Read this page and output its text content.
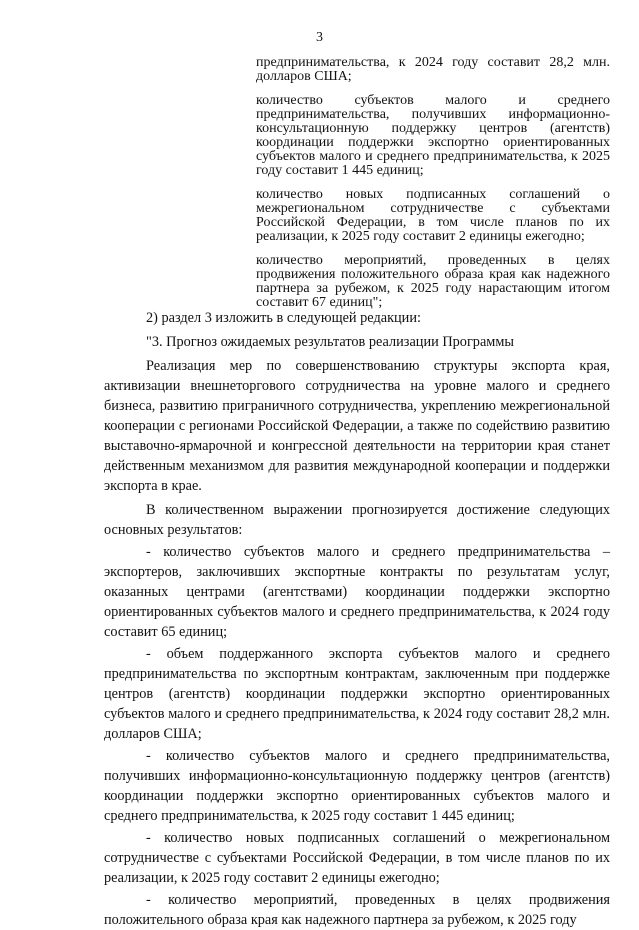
3

предпринимательства, к 2024 году составит 28,2 млн. долларов США;

количество субъектов малого и среднего предпринимательства, получивших информационно-консультационную поддержку центров (агентств) координации поддержки экспортно ориентированных субъектов малого и среднего предпринимательства, к 2025 году составит 1 445 единиц;

количество новых подписанных соглашений о межрегиональном сотрудничестве с субъектами Российской Федерации, в том числе планов по их реализации, к 2025 году составит 2 единицы ежегодно;

количество мероприятий, проведенных в целях продвижения положительного образа края как надежного партнера за рубежом, к 2025 году нарастающим итогом составит 67 единиц";

2) раздел 3 изложить в следующей редакции:

"3. Прогноз ожидаемых результатов реализации Программы

Реализация мер по совершенствованию структуры экспорта края, активизации внешнеторгового сотрудничества на уровне малого и среднего бизнеса, развитию приграничного сотрудничества, укреплению межрегиональной кооперации с регионами Российской Федерации, а также по содействию развитию выставочно-ярмарочной и конгрессной деятельности на территории края станет действенным механизмом для развития международной кооперации и поддержки экспорта в крае.

В количественном выражении прогнозируется достижение следующих основных результатов:

- количество субъектов малого и среднего предпринимательства – экспортеров, заключивших экспортные контракты по результатам услуг, оказанных центрами (агентствами) координации поддержки экспортно ориентированных субъектов малого и среднего предпринимательства, к 2024 году составит 65 единиц;

- объем поддержанного экспорта субъектов малого и среднего предпринимательства по экспортным контрактам, заключенным при поддержке центров (агентств) координации поддержки экспортно ориентированных субъектов малого и среднего предпринимательства, к 2024 году составит 28,2 млн. долларов США;

- количество субъектов малого и среднего предпринимательства, получивших информационно-консультационную поддержку центров (агентств) координации поддержки экспортно ориентированных субъектов малого и среднего предпринимательства, к 2025 году составит 1 445 единиц;

- количество новых подписанных соглашений о межрегиональном сотрудничестве с субъектами Российской Федерации, в том числе планов по их реализации, к 2025 году составит 2 единицы ежегодно;

- количество мероприятий, проведенных в целях продвижения положительного образа края как надежного партнера за рубежом, к 2025 году
